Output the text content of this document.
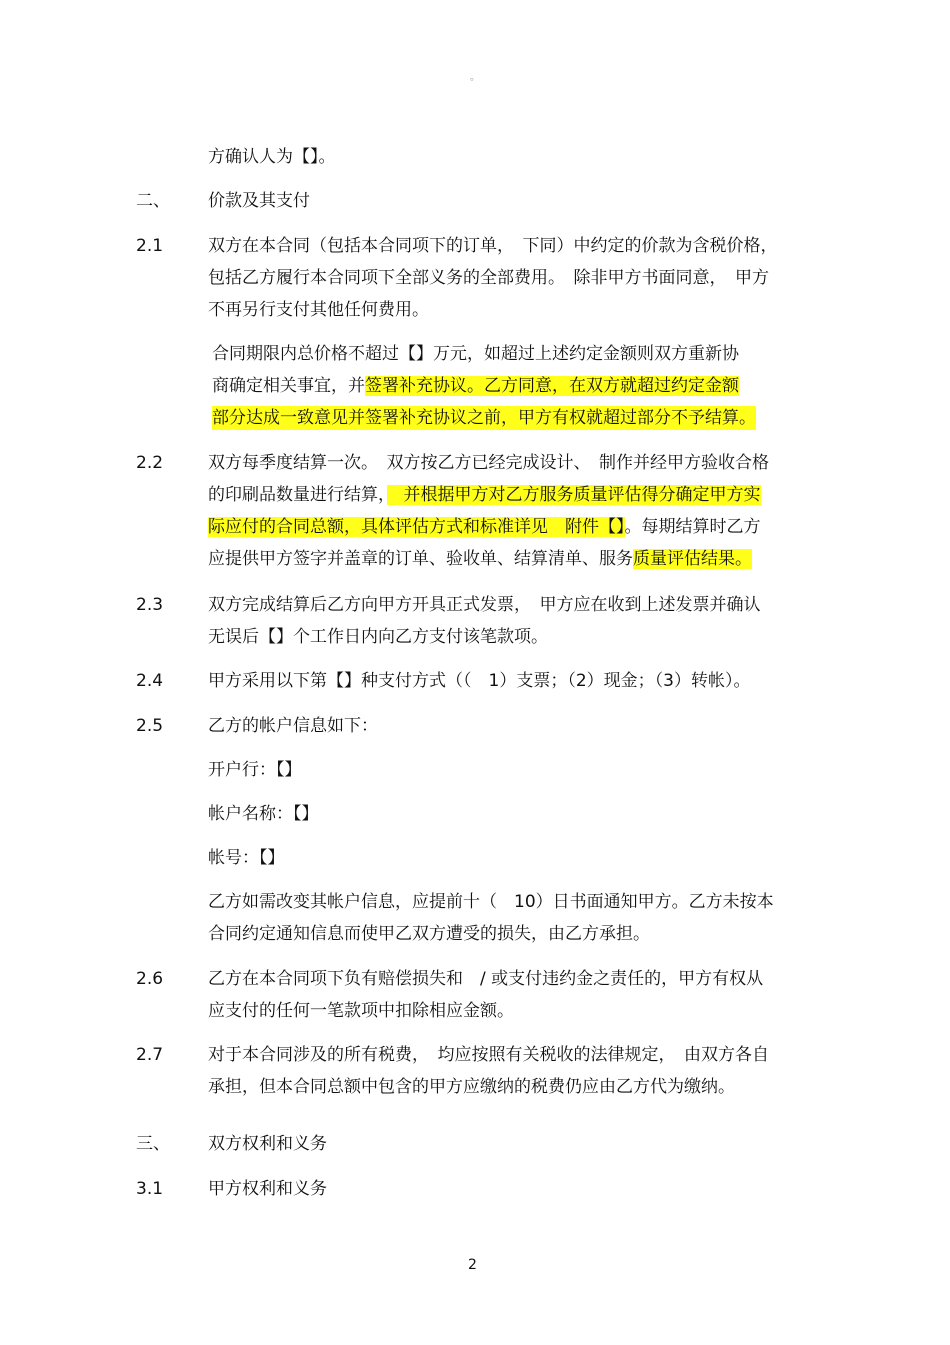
。
方确认人为【】。
二、 价款及其支付
2.1	双方在本合同（包括本合同项下的订单，　下同）中约定的价款为含税价格，
包括乙方履行本合同项下全部义务的全部费用。　除非甲方书面同意，　甲方
不再另行支付其他任何费用。
合同期限内总价格不超过【】万元，如超过上述约定金额则双方重新协
商确定相关事宜，并签署补充协议。乙方同意，在双方就超过约定金额
部分达成一致意见并签署补充协议之前，甲方有权就超过部分不予结算。
2.2	双方每季度结算一次。　双方按乙方已经完成设计、　制作并经甲方验收合格
的印刷品数量进行结算，　并根据甲方对乙方服务质量评估得分确定甲方实
际应付的合同总额，具体评估方式和标准详见　附件【】。每期结算时乙方
应提供甲方签字并盖章的订单、验收单、结算清单、服务质量评估结果。
2.3	双方完成结算后乙方向甲方开具正式发票，　甲方应在收到上述发票并确认
无误后【】个工作日内向乙方支付该笔款项。
2.4	甲方采用以下第【】种支付方式（（　1）支票；（2）现金；（3）转帐）。
2.5	乙方的帐户信息如下：
开户行：【】
帐户名称：【】
帐号：【】
乙方如需改变其帐户信息，应提前十（　10）日书面通知甲方。乙方未按本
合同约定通知信息而使甲乙双方遭受的损失，由乙方承担。
2.6	乙方在本合同项下负有赔偿损失和　/ 或支付违约金之责任的，甲方有权从
应支付的任何一笔款项中扣除相应金额。
2.7	对于本合同涉及的所有税费，　均应按照有关税收的法律规定，　由双方各自
承担，但本合同总额中包含的甲方应缴纳的税费仍应由乙方代为缴纳。
三、 双方权利和义务
3.1	甲方权利和义务
2
